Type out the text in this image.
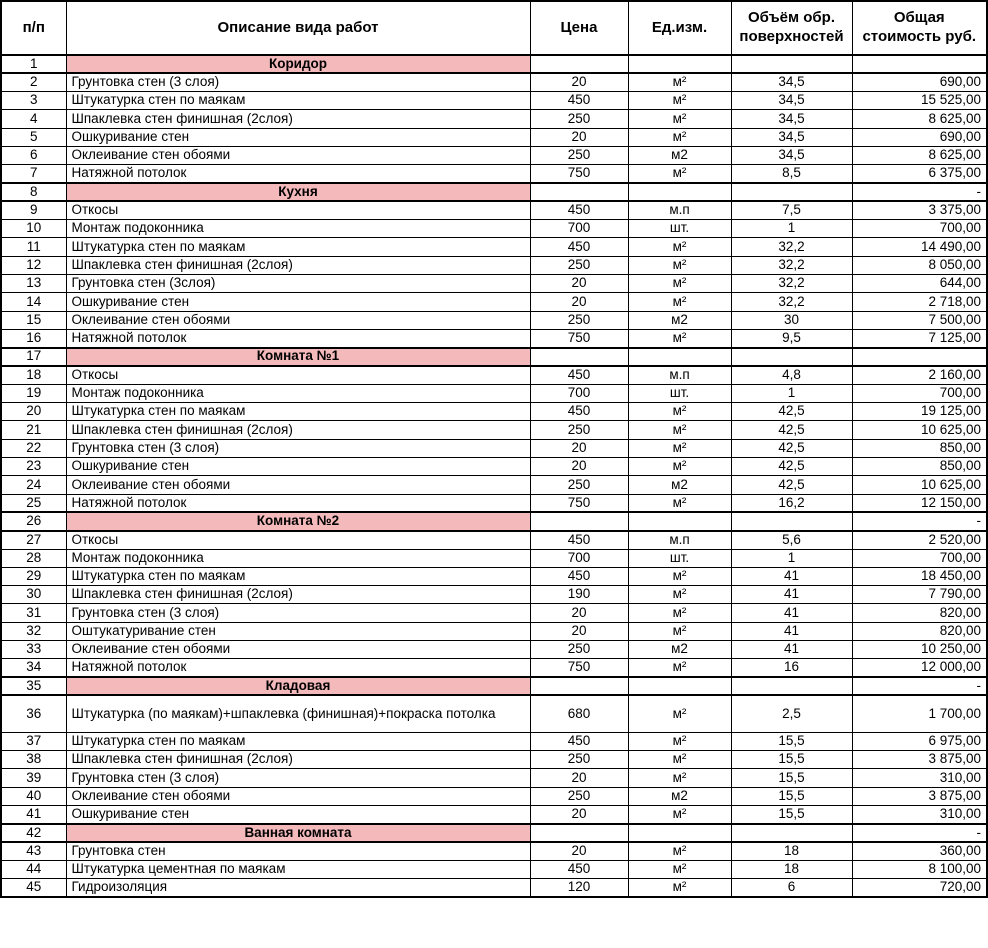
п/п	Описание вида работ	Цена	Ед.изм.	Объём обр. поверхностей	Общая стоимость руб.
1	Коридор				
2	Грунтовка стен (3 слоя)	20	м²	34,5	690,00
3	Штукатурка стен по маякам	450	м²	34,5	15 525,00
4	Шпаклевка стен финишная (2слоя)	250	м²	34,5	8 625,00
5	Ошкуривание стен	20	м²	34,5	690,00
6	Оклеивание стен обоями	250	м2	34,5	8 625,00
7	Натяжной потолок	750	м²	8,5	6 375,00
8	Кухня				-
9	Откосы	450	м.п	7,5	3 375,00
10	Монтаж подоконника	700	шт.	1	700,00
11	Штукатурка стен по маякам	450	м²	32,2	14 490,00
12	Шпаклевка стен финишная (2слоя)	250	м²	32,2	8 050,00
13	Грунтовка стен (3слоя)	20	м²	32,2	644,00
14	Ошкуривание стен	20	м²	32,2	2 718,00
15	Оклеивание стен обоями	250	м2	30	7 500,00
16	Натяжной потолок	750	м²	9,5	7 125,00
17	Комната №1				
18	Откосы	450	м.п	4,8	2 160,00
19	Монтаж подоконника	700	шт.	1	700,00
20	Штукатурка стен по маякам	450	м²	42,5	19 125,00
21	Шпаклевка стен финишная (2слоя)	250	м²	42,5	10 625,00
22	Грунтовка стен (3 слоя)	20	м²	42,5	850,00
23	Ошкуривание стен	20	м²	42,5	850,00
24	Оклеивание стен обоями	250	м2	42,5	10 625,00
25	Натяжной потолок	750	м²	16,2	12 150,00
26	Комната №2				-
27	Откосы	450	м.п	5,6	2 520,00
28	Монтаж подоконника	700	шт.	1	700,00
29	Штукатурка стен по маякам	450	м²	41	18 450,00
30	Шпаклевка стен финишная (2слоя)	190	м²	41	7 790,00
31	Грунтовка стен (3 слоя)	20	м²	41	820,00
32	Оштукатуривание стен	20	м²	41	820,00
33	Оклеивание стен обоями	250	м2	41	10 250,00
34	Натяжной потолок	750	м²	16	12 000,00
35	Кладовая				-
36	Штукатурка (по маякам)+шпаклевка (финишная)+покраска потолка	680	м²	2,5	1 700,00
37	Штукатурка стен по маякам	450	м²	15,5	6 975,00
38	Шпаклевка стен финишная (2слоя)	250	м²	15,5	3 875,00
39	Грунтовка стен (3 слоя)	20	м²	15,5	310,00
40	Оклеивание стен обоями	250	м2	15,5	3 875,00
41	Ошкуривание стен	20	м²	15,5	310,00
42	Ванная комната				-
43	Грунтовка стен	20	м²	18	360,00
44	Штукатурка цементная по маякам	450	м²	18	8 100,00
45	Гидроизоляция	120	м²	6	720,00
